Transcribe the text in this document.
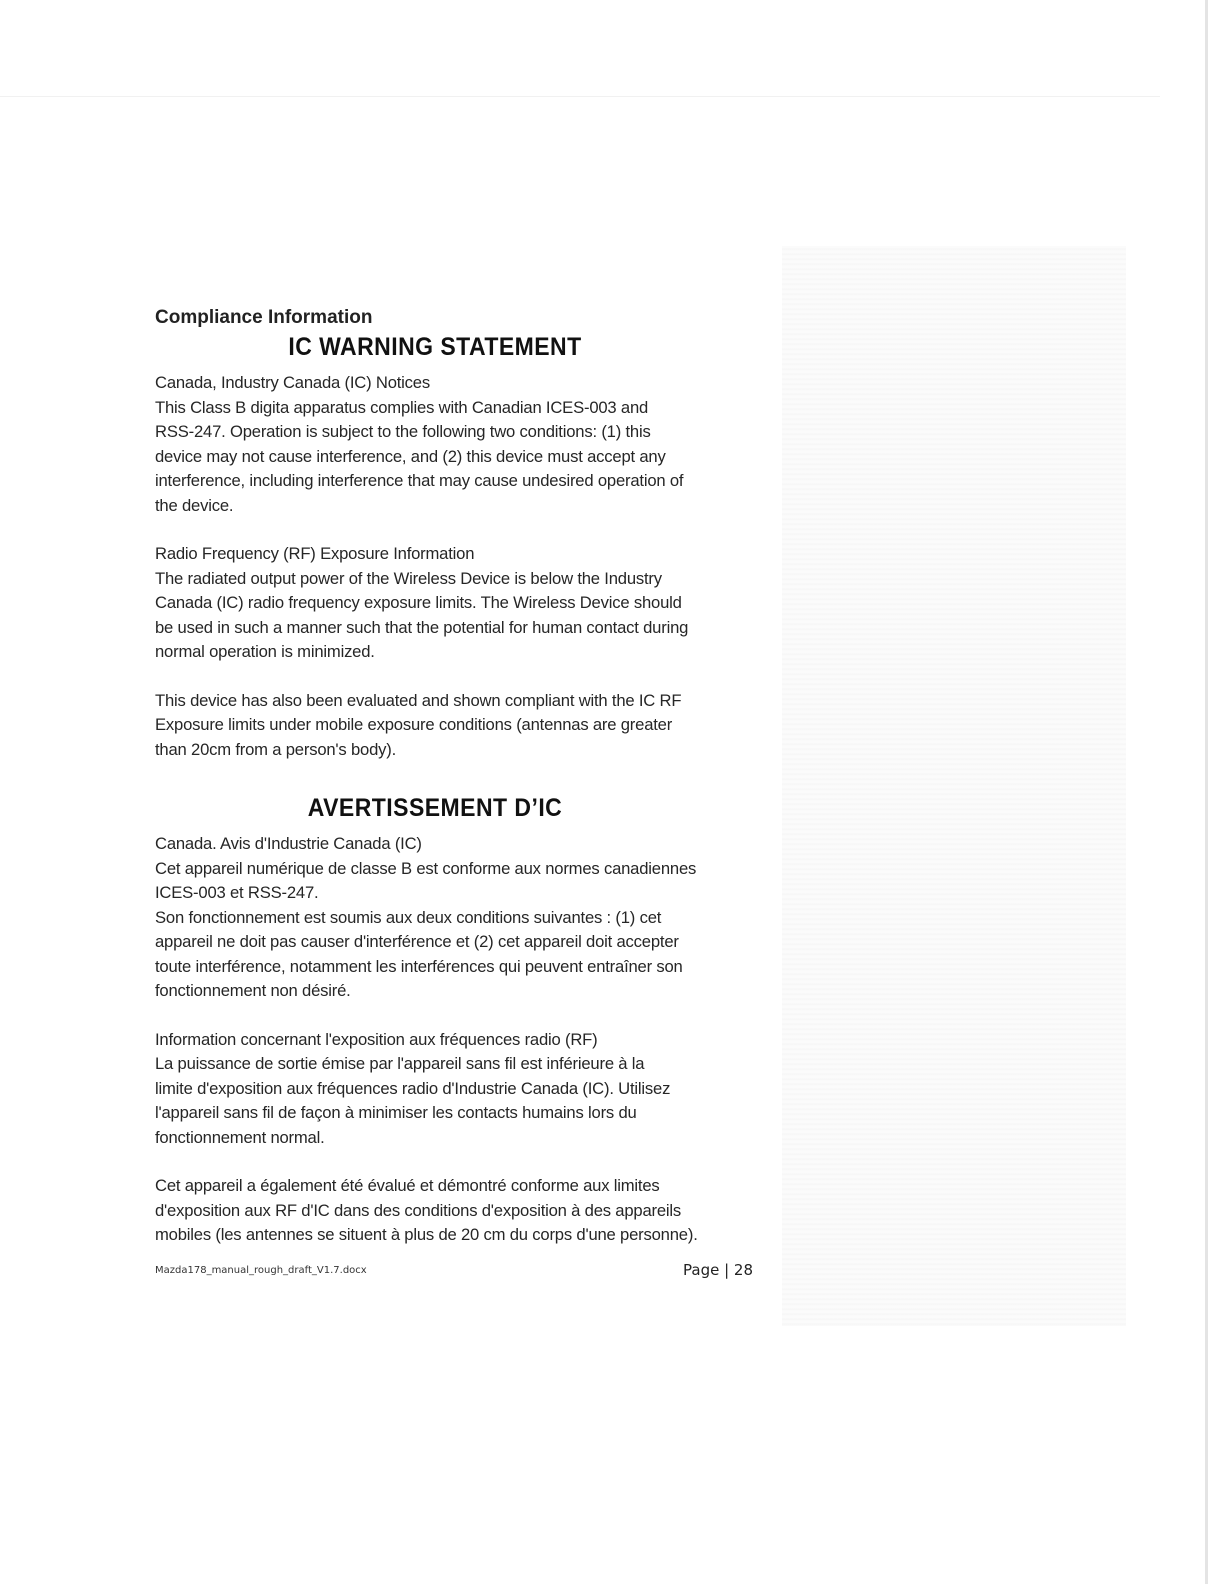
Compliance Information

IC WARNING STATEMENT
Canada, Industry Canada (IC) Notices
This Class B digita apparatus complies with Canadian ICES-003 and
RSS-247. Operation is subject to the following two conditions: (1) this
device may not cause interference, and (2) this device must accept any
interference, including interference that may cause undesired operation of
the device.
Radio Frequency (RF) Exposure Information
The radiated output power of the Wireless Device is below the Industry
Canada (IC) radio frequency exposure limits. The Wireless Device should
be used in such a manner such that the potential for human contact during
normal operation is minimized.
This device has also been evaluated and shown compliant with the IC RF
Exposure limits under mobile exposure conditions (antennas are greater
than 20cm from a person's body).
AVERTISSEMENT D’IC
Canada. Avis d'Industrie Canada (IC)
Cet appareil numérique de classe B est conforme aux normes canadiennes
ICES-003 et RSS-247.
Son fonctionnement est soumis aux deux conditions suivantes : (1) cet
appareil ne doit pas causer d'interférence et (2) cet appareil doit accepter
toute interférence, notamment les interférences qui peuvent entraîner son
fonctionnement non désiré.
Information concernant l'exposition aux fréquences radio (RF)
La puissance de sortie émise par l'appareil sans fil est inférieure à la
limite d'exposition aux fréquences radio d'Industrie Canada (IC). Utilisez
l'appareil sans fil de façon à minimiser les contacts humains lors du
fonctionnement normal.
Cet appareil a également été évalué et démontré conforme aux limites
d'exposition aux RF d'IC dans des conditions d'exposition à des appareils
mobiles (les antennes se situent à plus de 20 cm du corps d'une personne).
Mazda178_manual_rough_draft_V1.7.docx	Page | 28
